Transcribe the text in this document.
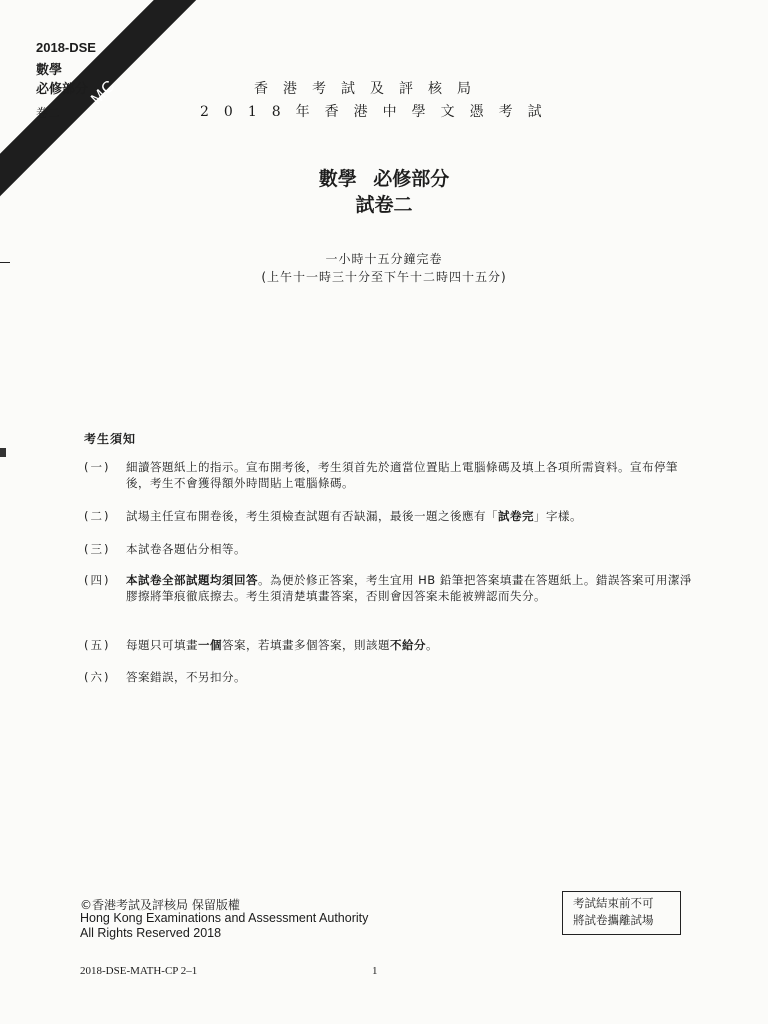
MC
2018-DSE
數學
必修部分
卷二
香港考試及評核局
2018年香港中學文憑考試
數學 必修部分
試卷二
一小時十五分鐘完卷
(上午十一時三十分至下午十二時四十五分)
考生須知
(一)	細讀答題紙上的指示。宣布開考後，考生須首先於適當位置貼上電腦條碼及填上各項所需資料。宣布停筆後，考生不會獲得額外時間貼上電腦條碼。
(二)	試場主任宣布開卷後，考生須檢查試題有否缺漏，最後一題之後應有「試卷完」字樣。
(三)	本試卷各題佔分相等。
(四)	本試卷全部試題均須回答。為便於修正答案，考生宜用 HB 鉛筆把答案填畫在答題紙上。錯誤答案可用潔淨膠擦將筆痕徹底擦去。考生須清楚填畫答案，否則會因答案未能被辨認而失分。
(五)	每題只可填畫一個答案，若填畫多個答案，則該題不給分。
(六)	答案錯誤，不另扣分。
©香港考試及評核局 保留版權
Hong Kong Examinations and Assessment Authority
All Rights Reserved 2018
考試結束前不可
將試卷攜離試場
2018-DSE-MATH-CP 2–1	1
